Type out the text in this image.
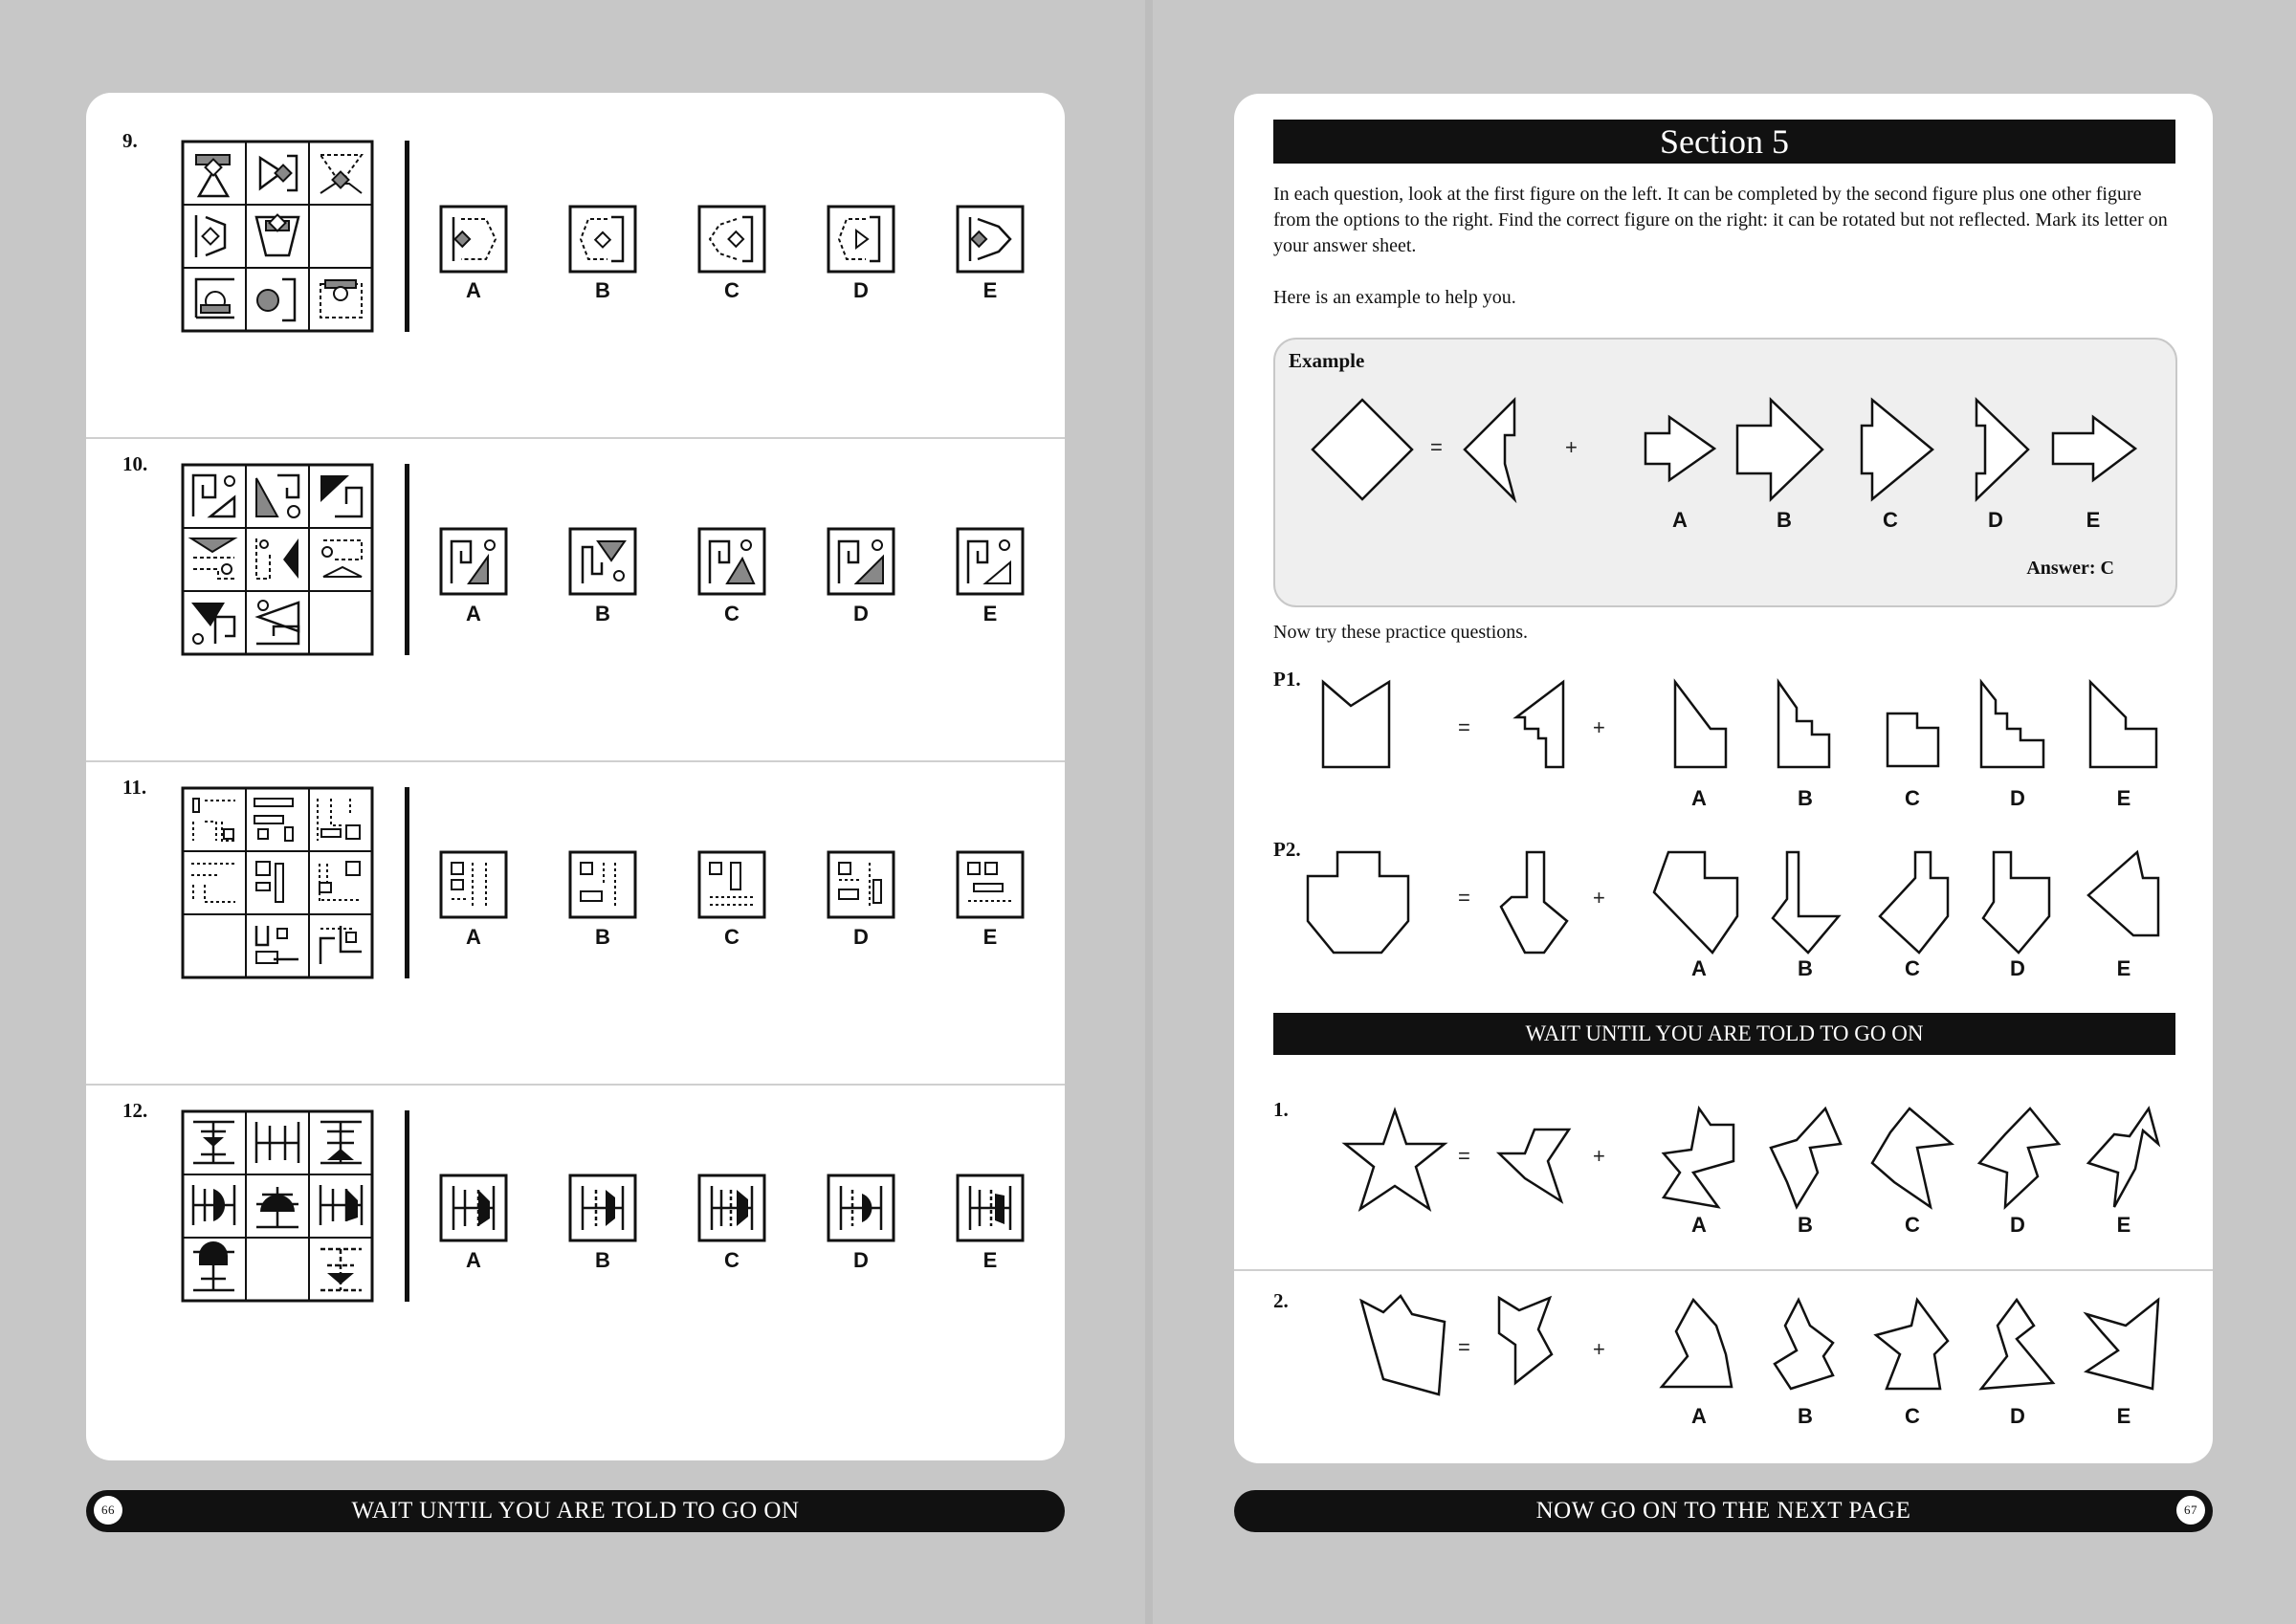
9.
A	B	C	D	E
10.
A	B	C	D	E
11.
A	B	C	D	E
12.
A	B	C	D	E
66	WAIT UNTIL YOU ARE TOLD TO GO ON
Section 5
In each question, look at the first figure on the left. It can be completed by the second figure plus one other figure from the options to the right. Find the correct figure on the right: it can be rotated but not reflected. Mark its letter on your answer sheet.
Here is an example to help you.
Example
=	+
A	B	C	D	E
Answer: C
Now try these practice questions.
P1.
=	+
A	B	C	D	E
P2.
=	+
A	B	C	D	E
WAIT UNTIL YOU ARE TOLD TO GO ON
1.
=	+
A	B	C	D	E
2.
=	+
A	B	C	D	E
NOW GO ON TO THE NEXT PAGE	67
